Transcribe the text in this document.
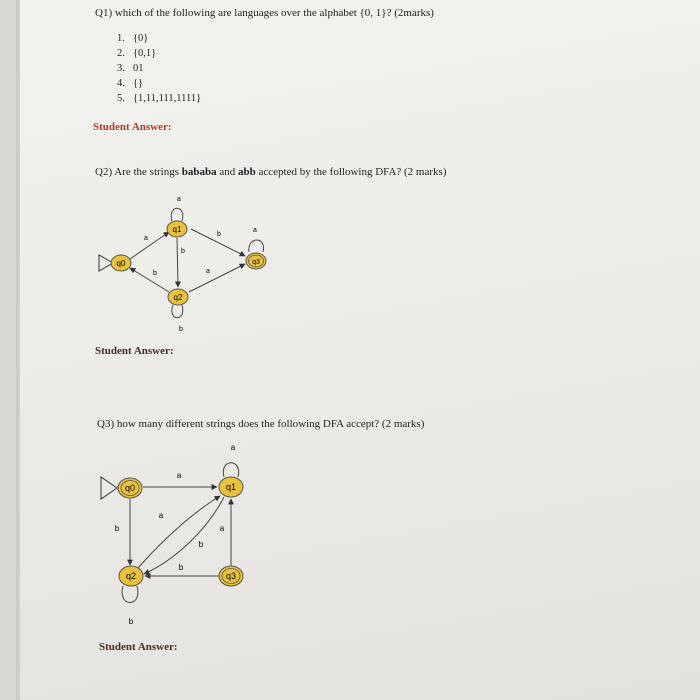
Q1) which of the following are languages over the alphabet {0, 1}? (2marks)
1. {0}
2. {0,1}
3. 01
4. {}
5. {1,11,111,1111}
Student Answer:
Q2) Are the strings bababa and abb accepted by the following DFA? (2 marks)
q0
q1
q2
q3
a
a
b
a
b
b	a
b
Student Answer:
Q3) how many different strings does the following DFA accept? (2 marks)
q0	q1
q2	q3
a
a
b
a
b
b
a
b
Student Answer:
